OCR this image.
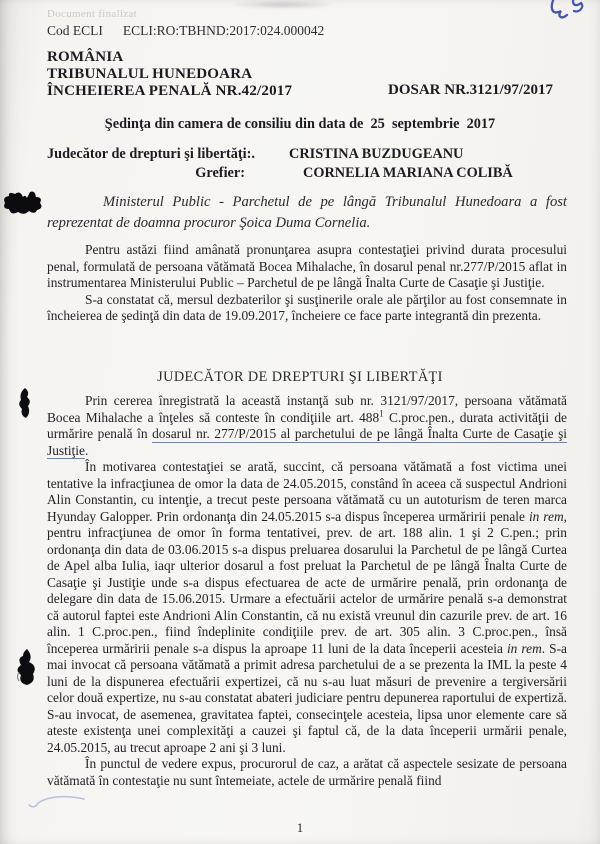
Document finalizat
Cod ECLI ECLI:RO:TBHND:2017:024.000042
ROMÂNIA
TRIBUNALUL HUNEDOARA
ÎNCHEIEREA PENALĂ NR.42/2017	DOSAR NR.3121/97/2017
Şedinţa din camera de consiliu din data de  25  septembrie  2017
Judecător de drepturi şi libertăţi:.	CRISTINA BUZDUGEANU
Grefier:	CORNELIA MARIANA COLIBĂ
Ministerul Public - Parchetul de pe lângă Tribunalul Hunedoara a fost reprezentat de doamna procuror Şoica Duma Cornelia.

Pentru astăzi fiind amânată pronunţarea asupra contestaţiei privind durata procesului penal, formulată de persoana vătămată Bocea Mihalache, în dosarul penal nr.277/P/2015 aflat in instrumentarea Ministerului Public – Parchetul de pe lângă Înalta Curte de Casaţie şi Justiţie.

S-a constatat că, mersul dezbaterilor şi susţinerile orale ale părţilor au fost consemnate in încheierea de şedinţă din data de 19.09.2017, încheiere ce face parte integrantă din prezenta.

JUDECĂTOR DE DREPTURI ŞI LIBERTĂŢI

Prin cererea înregistrată la această instanţă sub nr. 3121/97/2017, persoana vătămată Bocea Mihalache a înţeles să conteste în condiţiile art. $488^1$ C.proc.pen., durata activităţii de urmărire penală în dosarul nr. 277/P/2015 al parchetului de pe lângă Înalta Curte de Casaţie şi Justiţie.

În motivarea contestaţiei se arată, succint, că persoana vătămată a fost victima unei tentative la infracţiunea de omor la data de 24.05.2015, constând în aceea că suspectul Andrioni Alin Constantin, cu intenţie, a trecut peste persoana vătămată cu un autoturism de teren marca Hyunday Galopper. Prin ordonanţa din 24.05.2015 s-a dispus începerea urmăririi penale in rem, pentru infracţiunea de omor în forma tentativei, prev. de art. 188 alin. 1 şi 2 C.pen.; prin ordonanţa din data de 03.06.2015 s-a dispus preluarea dosarului la Parchetul de pe lângă Curtea de Apel alba Iulia, iaqr ulterior dosarul a fost preluat la Parchetul de pe lângă Înalta Curte de Casaţie şi Justiţie unde s-a dispus efectuarea de acte de urmărire penală, prin ordonanţa de delegare din data de 15.06.2015. Urmare a efectuării actelor de urmărire penală s-a demonstrat că autorul faptei este Andrioni Alin Constantin, că nu există vreunul din cazurile prev. de art. 16 alin. 1 C.proc.pen., fiind îndeplinite condiţiile prev. de art. 305 alin. 3 C.proc.pen., însă începerea urmăririi penale s-a dispus la aproape 11 luni de la data începerii acesteia in rem. S-a mai invocat că persoana vătămată a primit adresa parchetului de a se prezenta la IML la peste 4 luni de la dispunerea efectuării expertizei, că nu s-au luat măsuri de prevenire a tergiversării celor două expertize, nu s-au constatat abateri judiciare pentru depunerea raportului de expertiză. S-au invocat, de asemenea, gravitatea faptei, consecinţele acesteia, lipsa unor elemente care să ateste existenţa unei complexităţi a cauzei şi faptul că, de la data începerii urmării penale, 24.05.2015, au trecut aproape 2 ani şi 3 luni.

În punctul de vedere expus, procurorul de caz, a arătat că aspectele sesizate de persoana vătămată în contestaţie nu sunt întemeiate, actele de urmărire penală fiind

1
